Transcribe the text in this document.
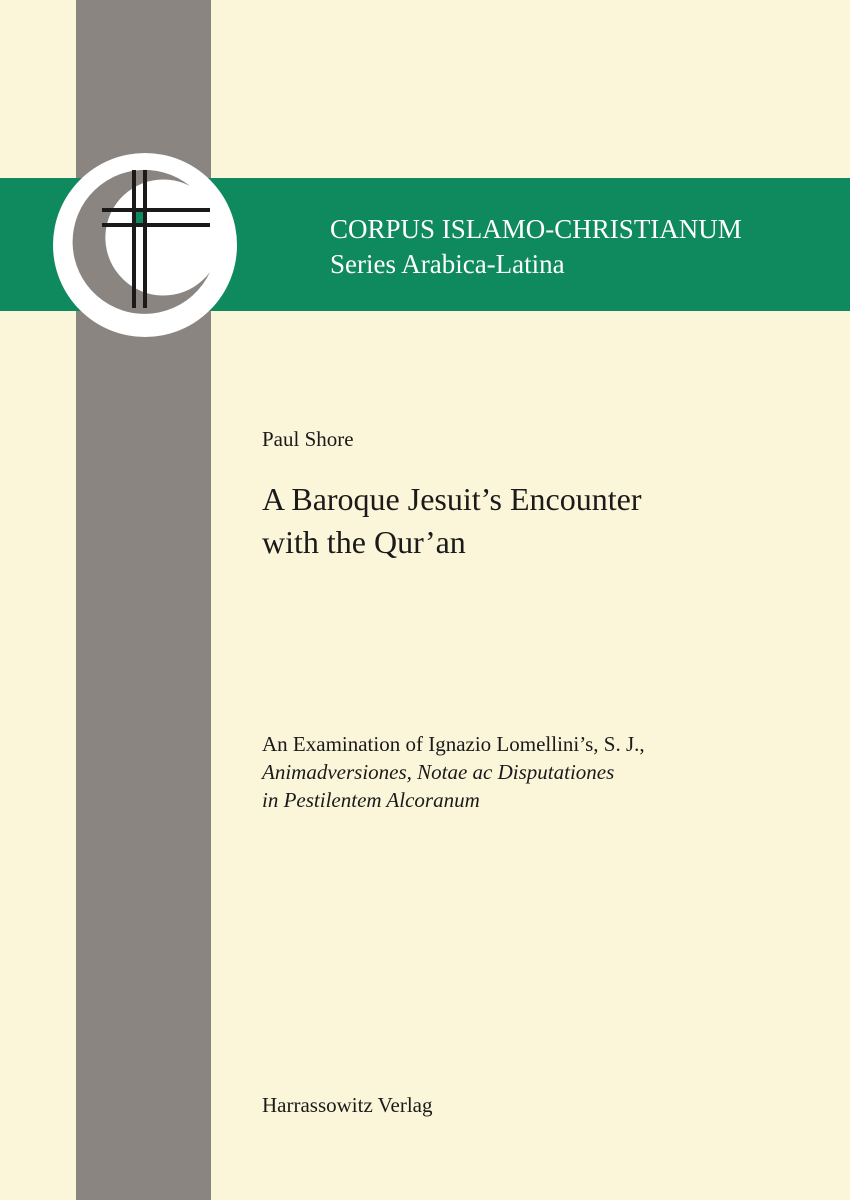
CORPUS ISLAMO-CHRISTIANUM
Series Arabica-Latina
Paul Shore
A Baroque Jesuit’s Encounter
with the Qur’an
An Examination of Ignazio Lomellini’s, S. J.,
Animadversiones, Notae ac Disputationes
in Pestilentem Alcoranum
Harrassowitz Verlag
